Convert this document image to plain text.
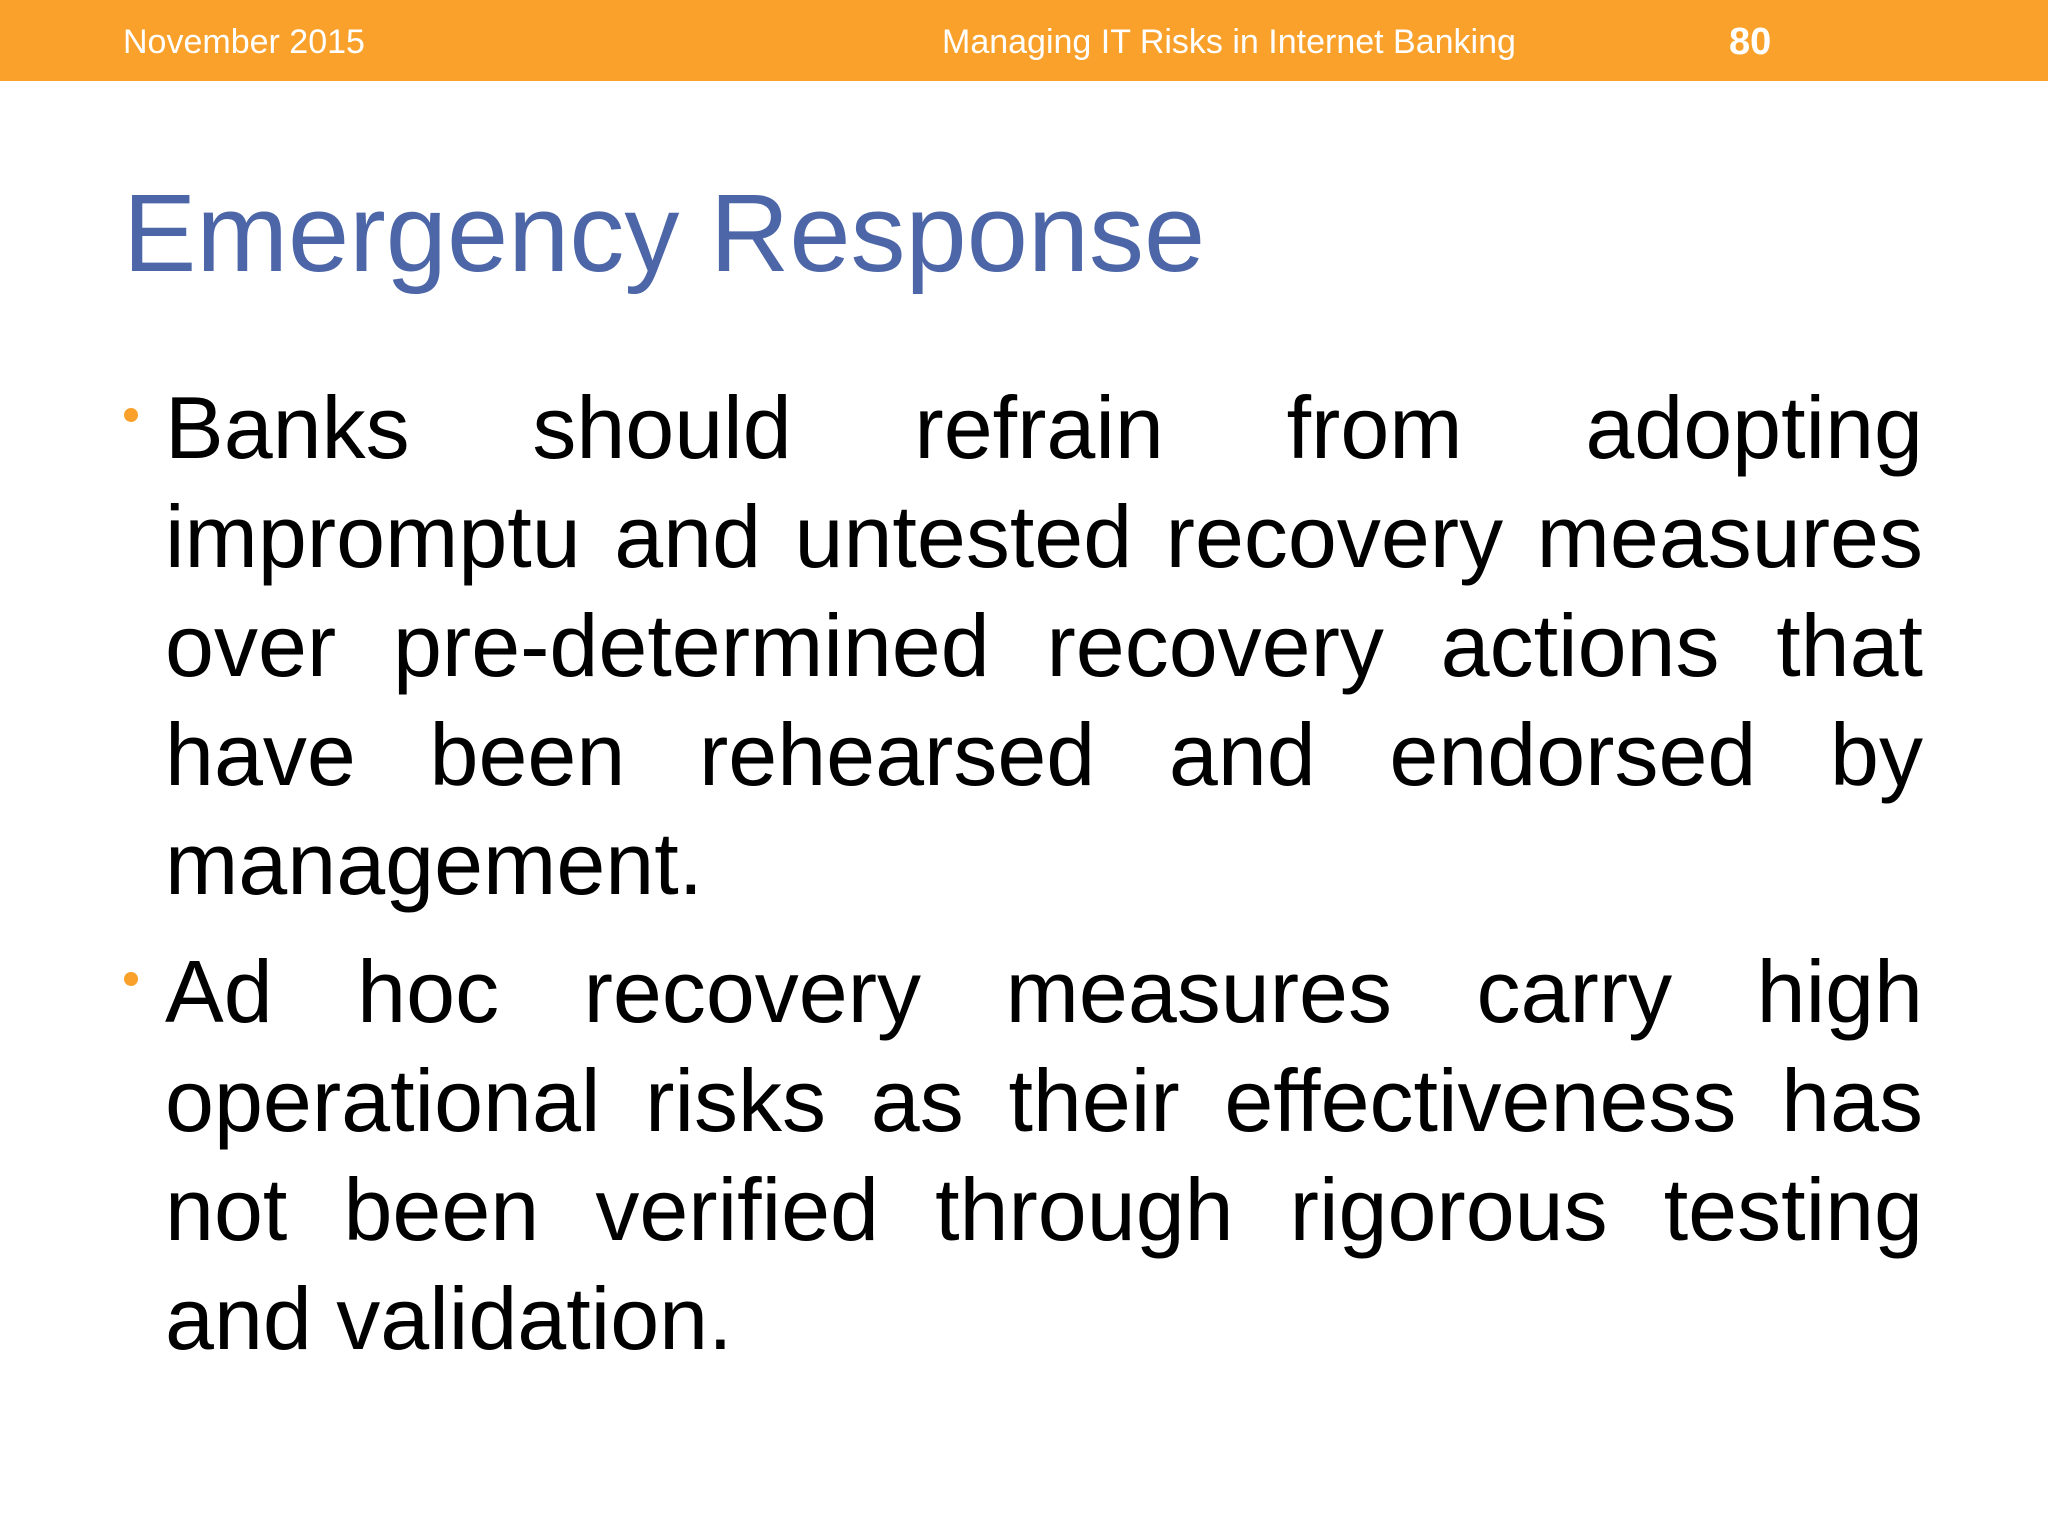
November 2015	Managing IT Risks in Internet Banking	80
Emergency Response
Banks should refrain from adopting impromptu and untested recovery measures over pre-determined recovery actions that have been rehearsed and endorsed by management.
Ad hoc recovery measures carry high operational risks as their effectiveness has not been verified through rigorous testing and validation.
